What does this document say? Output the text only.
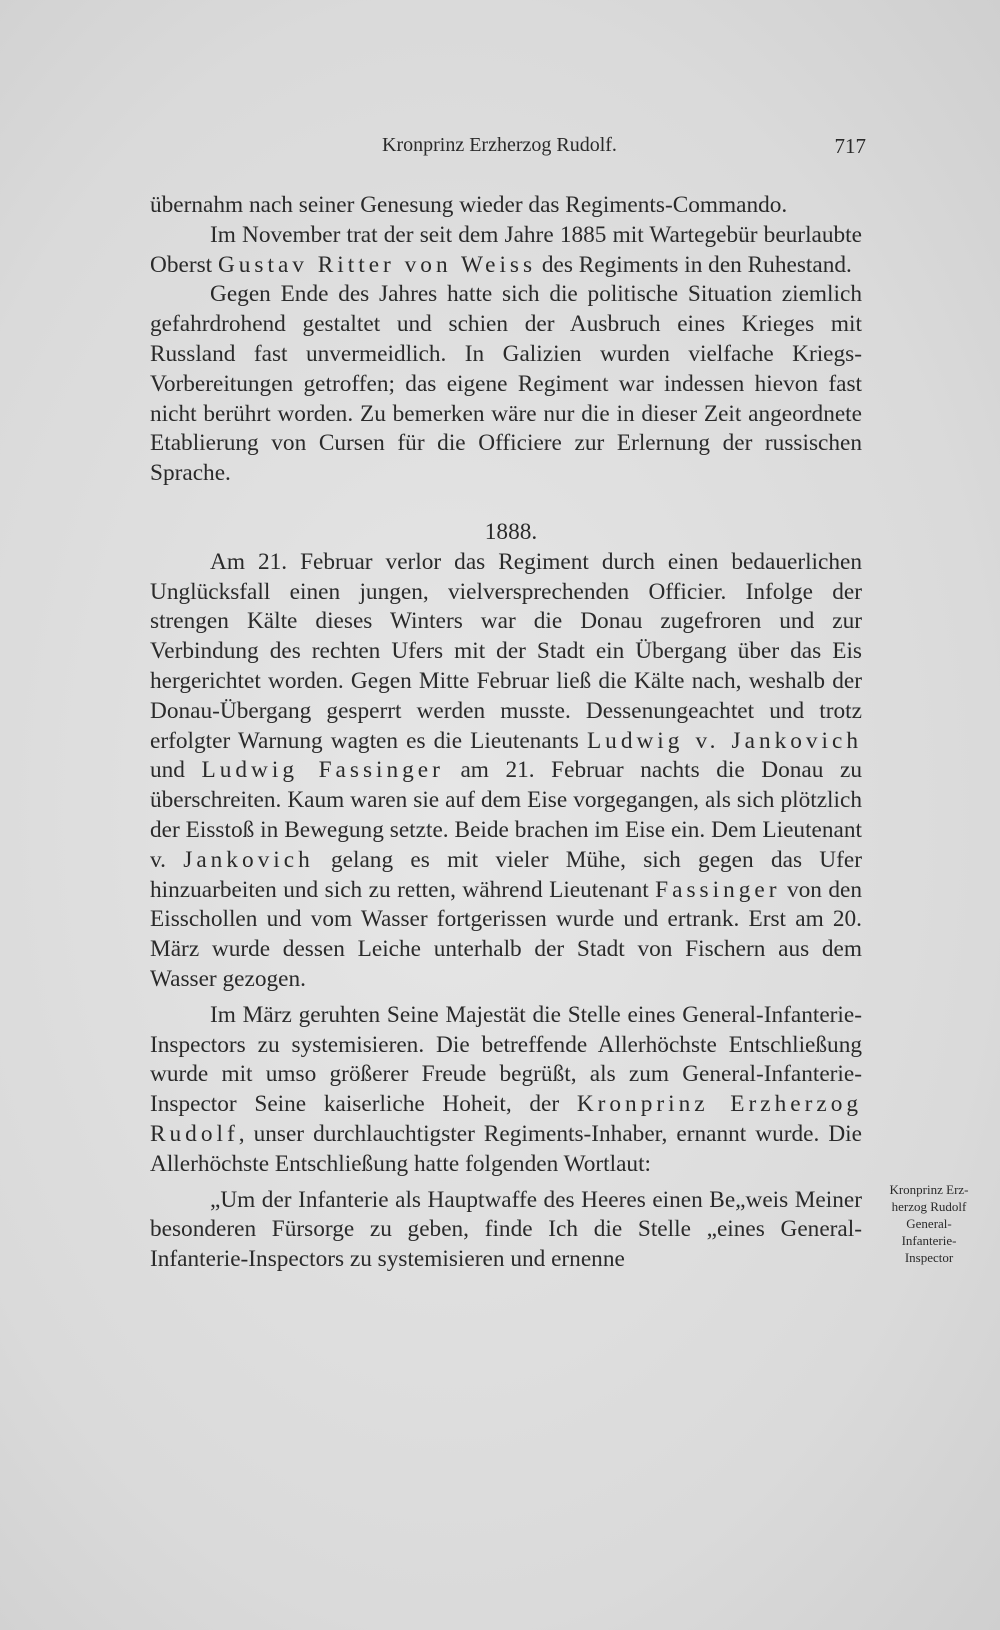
Kronprinz Erzherzog Rudolf.	717

übernahm nach seiner Genesung wieder das Regiments-Commando.

Im November trat der seit dem Jahre 1885 mit Wartegebür beurlaubte Oberst Gustav Ritter von Weiss des Regiments in den Ruhestand.

Gegen Ende des Jahres hatte sich die politische Situation ziemlich gefahrdrohend gestaltet und schien der Ausbruch eines Krieges mit Russland fast unvermeidlich. In Galizien wurden vielfache Kriegs-Vorbereitungen getroffen; das eigene Regiment war indessen hievon fast nicht berührt worden. Zu bemerken wäre nur die in dieser Zeit angeordnete Etablierung von Cursen für die Officiere zur Erlernung der russischen Sprache.

1888.

Am 21. Februar verlor das Regiment durch einen bedauerlichen Unglücksfall einen jungen, vielversprechenden Officier. Infolge der strengen Kälte dieses Winters war die Donau zugefroren und zur Verbindung des rechten Ufers mit der Stadt ein Übergang über das Eis hergerichtet worden. Gegen Mitte Februar ließ die Kälte nach, weshalb der Donau-Übergang gesperrt werden musste. Dessenungeachtet und trotz erfolgter Warnung wagten es die Lieutenants Ludwig v. Jankovich und Ludwig Fassinger am 21. Februar nachts die Donau zu überschreiten. Kaum waren sie auf dem Eise vorgegangen, als sich plötzlich der Eisstoß in Bewegung setzte. Beide brachen im Eise ein. Dem Lieutenant v. Jankovich gelang es mit vieler Mühe, sich gegen das Ufer hinzuarbeiten und sich zu retten, während Lieutenant Fassinger von den Eisschollen und vom Wasser fortgerissen wurde und ertrank. Erst am 20. März wurde dessen Leiche unterhalb der Stadt von Fischern aus dem Wasser gezogen.

Im März geruhten Seine Majestät die Stelle eines General-Infanterie-Inspectors zu systemisieren. Die betreffende Allerhöchste Entschließung wurde mit umso größerer Freude begrüßt, als zum General-Infanterie-Inspector Seine kaiserliche Hoheit, der Kronprinz Erzherzog Rudolf, unser durchlauchtigster Regiments-Inhaber, ernannt wurde. Die Allerhöchste Entschließung hatte folgenden Wortlaut:

„Um der Infanterie als Hauptwaffe des Heeres einen Be„weis Meiner besonderen Fürsorge zu geben, finde Ich die Stelle „eines General-Infanterie-Inspectors zu systemisieren und ernenne

Kronprinz Erz-
herzog Rudolf
General-
Infanterie-
Inspector
